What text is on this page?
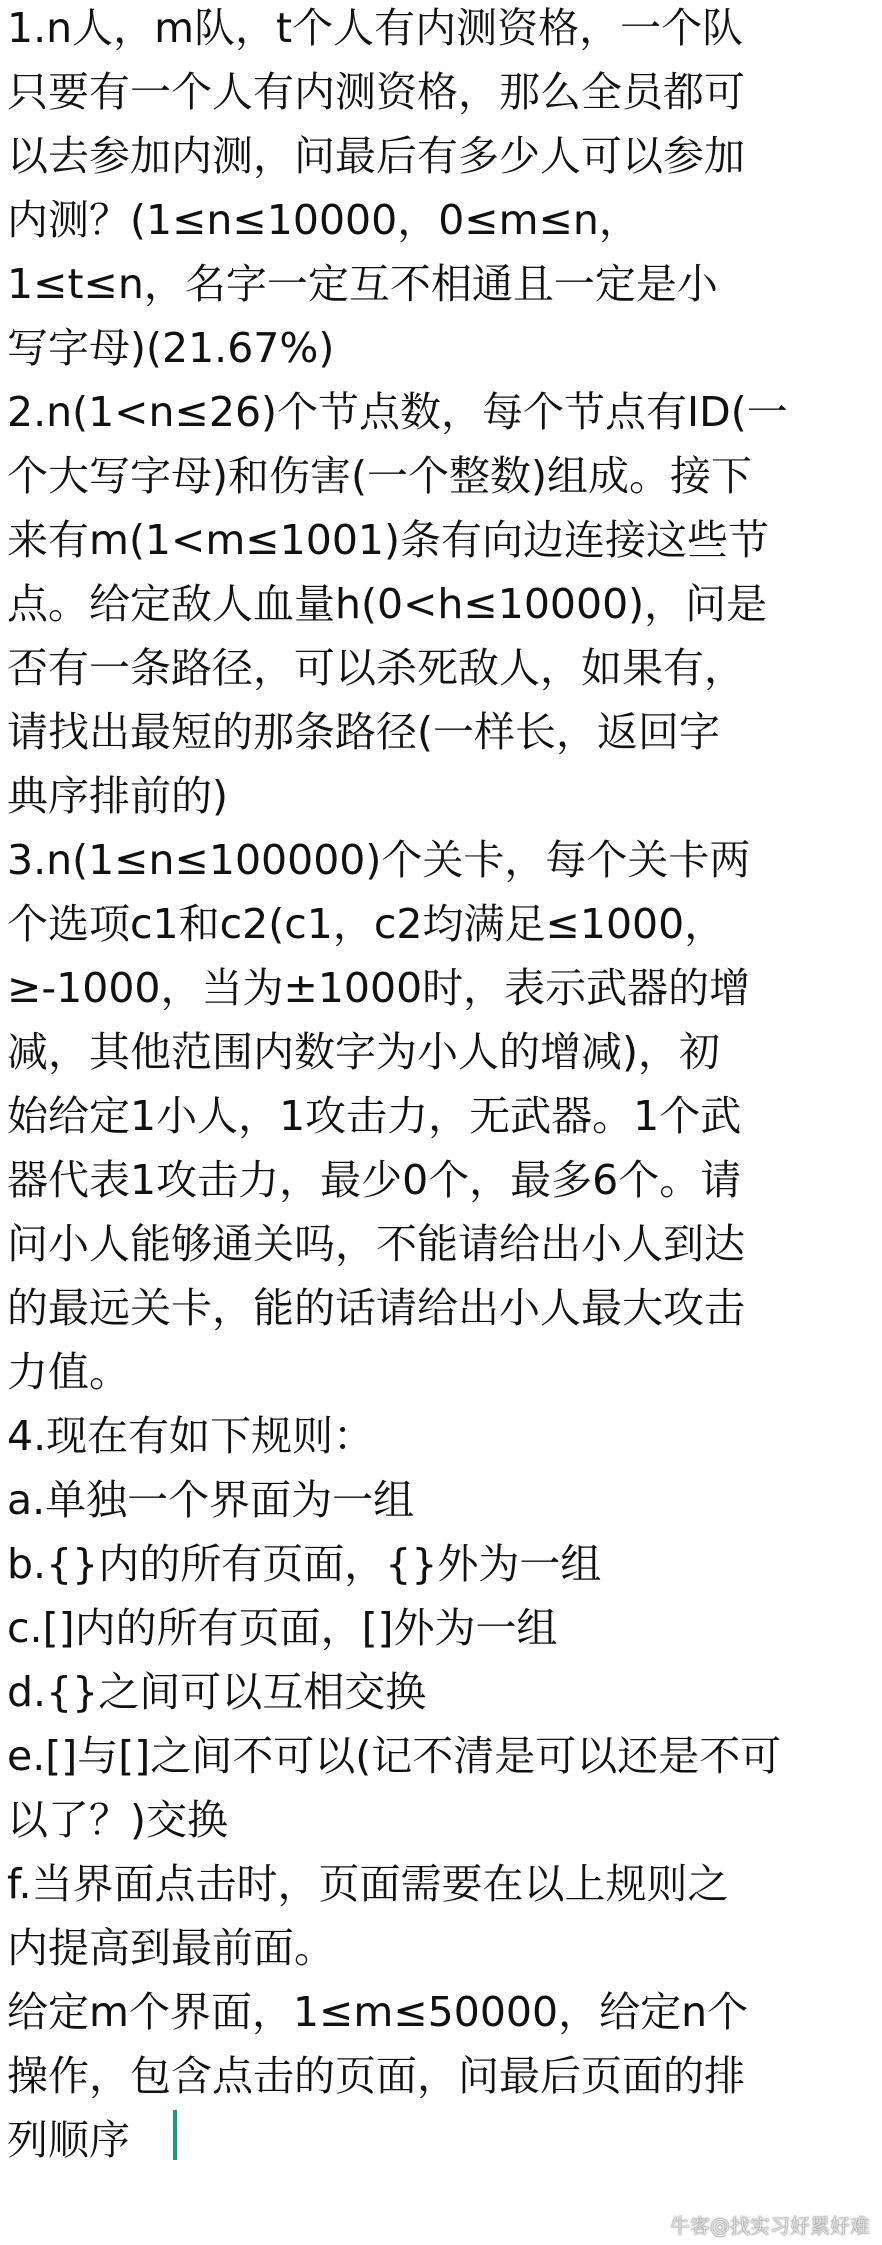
1.n人，m队，t个人有内测资格，一个队
只要有一个人有内测资格，那么全员都可
以去参加内测，问最后有多少人可以参加
内测？(1≤n≤10000，0≤m≤n，
1≤t≤n，名字一定互不相通且一定是小
写字母)(21.67%)
2.n(1<n≤26)个节点数，每个节点有ID(一
个大写字母)和伤害(一个整数)组成。接下
来有m(1<m≤1001)条有向边连接这些节
点。给定敌人血量h(0<h≤10000)，问是
否有一条路径，可以杀死敌人，如果有，
请找出最短的那条路径(一样长，返回字
典序排前的)
3.n(1≤n≤100000)个关卡，每个关卡两
个选项c1和c2(c1，c2均满足≤1000，
≥-1000，当为±1000时，表示武器的增
减，其他范围内数字为小人的增减)，初
始给定1小人，1攻击力，无武器。1个武
器代表1攻击力，最少0个，最多6个。请
问小人能够通关吗，不能请给出小人到达
的最远关卡，能的话请给出小人最大攻击
力值。
4.现在有如下规则：
a.单独一个界面为一组
b.{}内的所有页面，{}外为一组
c.[]内的所有页面，[]外为一组
d.{}之间可以互相交换
e.[]与[]之间不可以(记不清是可以还是不可
以了？)交换
f.当界面点击时，页面需要在以上规则之
内提高到最前面。
给定m个界面，1≤m≤50000，给定n个
操作，包含点击的页面，问最后页面的排
列顺序
牛客@找实习好累好难
